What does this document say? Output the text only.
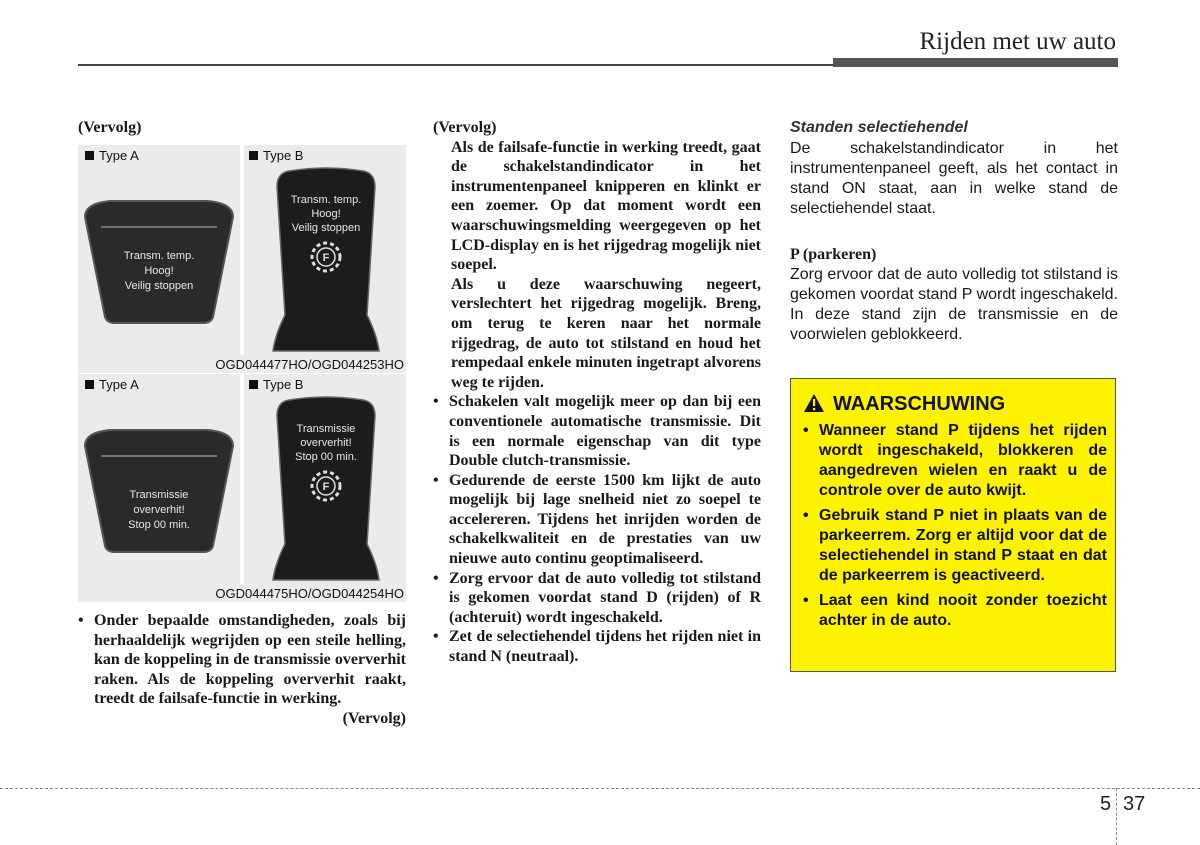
Rijden met uw auto

(Vervolg)

Type A	Type B
Transm. temp.
Hoog!
Veilig stoppen
Transm. temp.
Hoog!
Veilig stoppen
F
OGD044477HO/OGD044253HO
Type A	Type B
Transmissie
oververhit!
Stop 00 min.
Transmissie
oververhit!
Stop 00 min.
F
OGD044475HO/OGD044254HO
• Onder bepaalde omstandigheden, zoals bij herhaaldelijk wegrijden op een steile helling, kan de koppeling in de transmissie oververhit raken. Als de koppeling oververhit raakt, treedt de failsafe-functie in werking.
(Vervolg)

(Vervolg)

Als de failsafe-functie in werking treedt, gaat de schakelstandindicator in het instrumentenpaneel knipperen en klinkt er een zoemer. Op dat moment wordt een waarschuwingsmelding weergegeven op het LCD-display en is het rijgedrag mogelijk niet soepel.

Als u deze waarschuwing negeert, verslechtert het rijgedrag mogelijk. Breng, om terug te keren naar het normale rijgedrag, de auto tot stilstand en houd het rempedaal enkele minuten ingetrapt alvorens weg te rijden.

• Schakelen valt mogelijk meer op dan bij een conventionele automatische transmissie. Dit is een normale eigenschap van dit type Double clutch-transmissie.
• Gedurende de eerste 1500 km lijkt de auto mogelijk bij lage snelheid niet zo soepel te accelereren. Tijdens het inrijden worden de schakelkwaliteit en de prestaties van uw nieuwe auto continu geoptimaliseerd.
• Zorg ervoor dat de auto volledig tot stilstand is gekomen voordat stand D (rijden) of R (achteruit) wordt ingeschakeld.
• Zet de selectiehendel tijdens het rijden niet in stand N (neutraal).

Standen selectiehendel

De schakelstandindicator in het instrumentenpaneel geeft, als het contact in stand ON staat, aan in welke stand de selectiehendel staat.

P (parkeren)

Zorg ervoor dat de auto volledig tot stilstand is gekomen voordat stand P wordt ingeschakeld. In deze stand zijn de transmissie en de voorwielen geblokkeerd.

WAARSCHUWING
• Wanneer stand P tijdens het rijden wordt ingeschakeld, blokkeren de aangedreven wielen en raakt u de controle over de auto kwijt.
• Gebruik stand P niet in plaats van de parkeerrem. Zorg er altijd voor dat de selectiehendel in stand P staat en dat de parkeerrem is geactiveerd.
• Laat een kind nooit zonder toezicht achter in de auto.
5 37
